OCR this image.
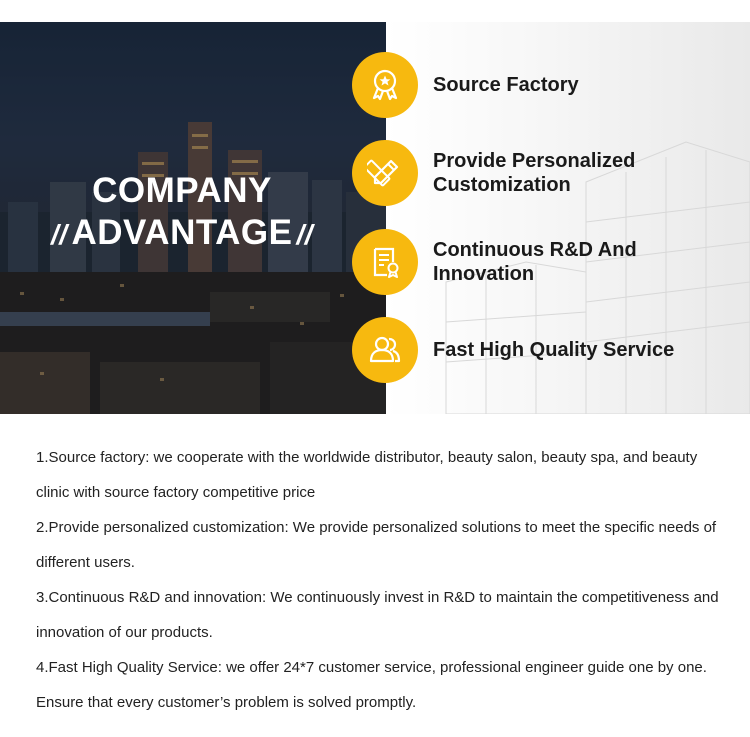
COMPANY
// ADVANTAGE //
Source Factory
Provide Personalized Customization
Continuous R&D And Innovation
Fast High Quality Service

1.Source factory: we cooperate with the worldwide distributor, beauty salon, beauty spa, and beauty clinic with source factory competitive price

2.Provide personalized customization: We provide personalized solutions to meet the specific needs of different users.

3.Continuous R&D and innovation: We continuously invest in R&D to maintain the competitiveness and innovation of our products.

4.Fast High Quality Service: we offer 24*7 customer service, professional engineer guide one by one. Ensure that every customer’s problem is solved promptly.
